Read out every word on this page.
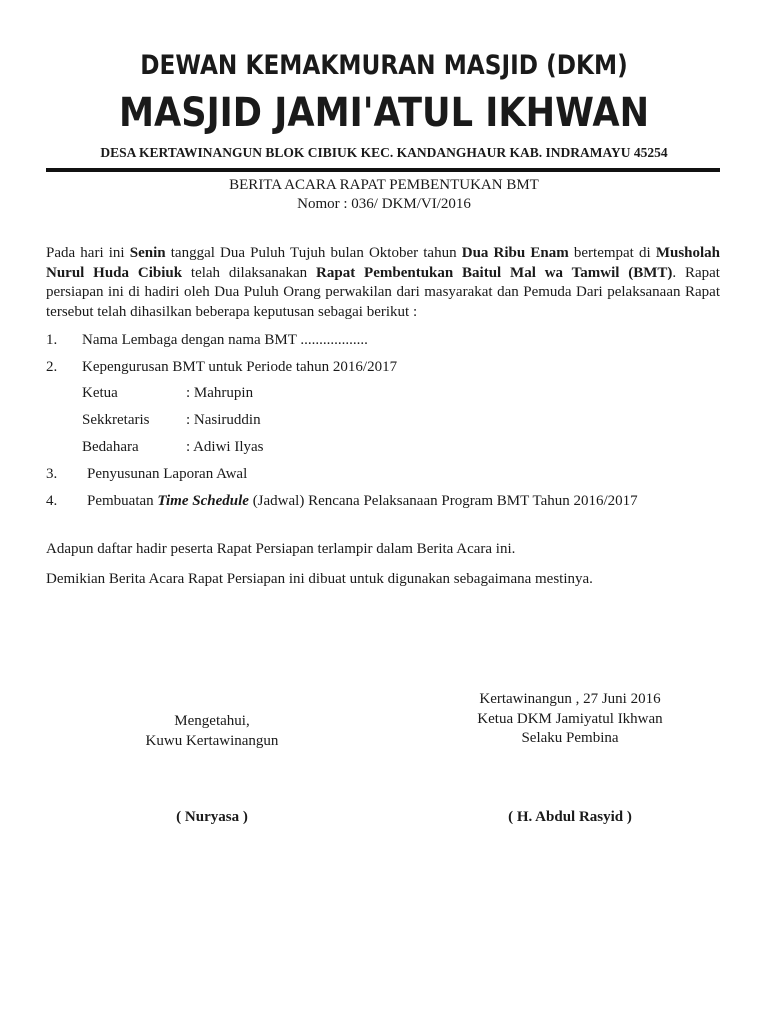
DEWAN KEMAKMURAN MASJID (DKM)
MASJID JAMI'ATUL IKHWAN
DESA KERTAWINANGUN BLOK CIBIUK KEC. KANDANGHAUR KAB. INDRAMAYU 45254
BERITA ACARA RAPAT PEMBENTUKAN BMT
Nomor : 036/ DKM/VI/2016
Pada hari ini Senin tanggal Dua Puluh Tujuh bulan Oktober tahun Dua Ribu Enam bertempat di Musholah Nurul Huda Cibiuk telah dilaksanakan Rapat Pembentukan Baitul Mal wa Tamwil (BMT). Rapat persiapan ini di hadiri oleh Dua Puluh Orang perwakilan dari masyarakat dan Pemuda Dari pelaksanaan Rapat tersebut telah dihasilkan beberapa keputusan sebagai berikut :
1. Nama Lembaga dengan nama BMT ..................
2. Kepengurusan BMT untuk Periode tahun 2016/2017
Ketua	: Mahrupin
Sekkretaris : Nasiruddin
Bedahara	: Adiwi Ilyas
3. Penyusunan Laporan Awal
4. Pembuatan Time Schedule (Jadwal) Rencana Pelaksanaan Program BMT Tahun 2016/2017
Adapun daftar hadir peserta Rapat Persiapan terlampir dalam Berita Acara ini.
Demikian Berita Acara Rapat Persiapan ini dibuat untuk digunakan sebagaimana mestinya.
Mengetahui,
Kuwu Kertawinangun
( Nuryasa )
Kertawinangun , 27 Juni 2016
Ketua DKM Jamiyatul Ikhwan
Selaku Pembina
( H. Abdul Rasyid )
